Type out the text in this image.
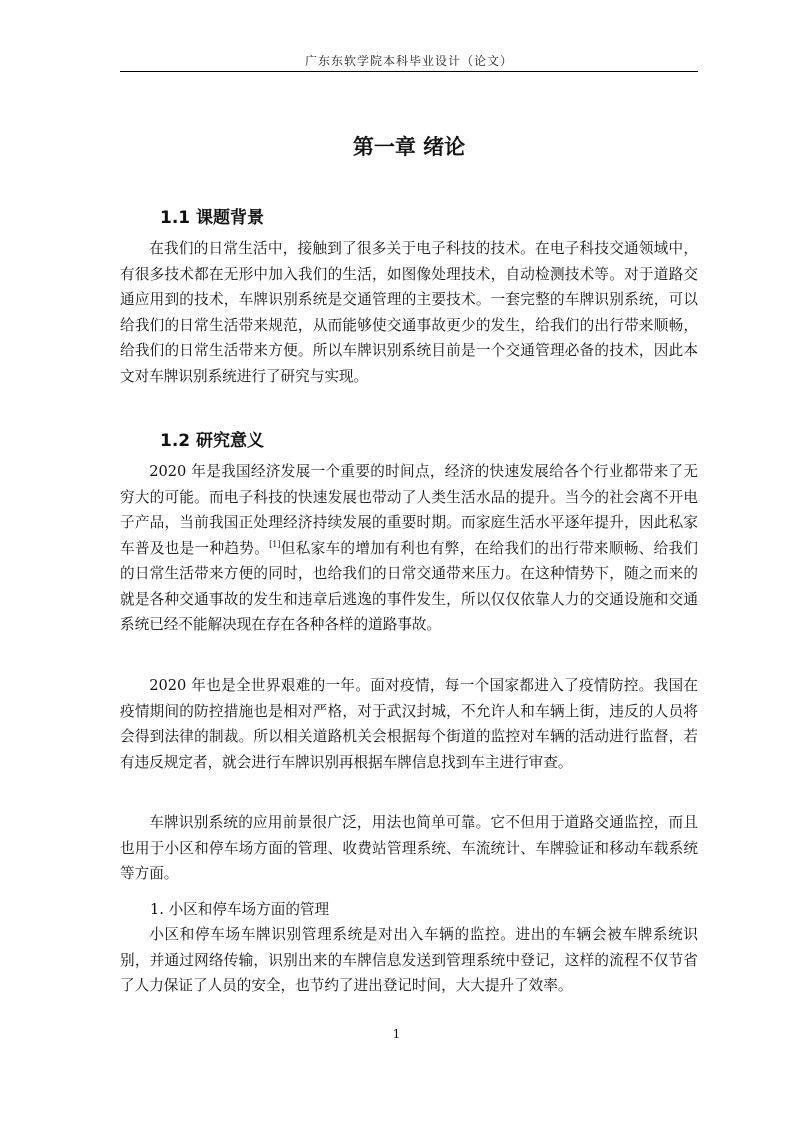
广东东软学院本科毕业设计（论文）
第一章 绪论
1.1 课题背景

在我们的日常生活中，接触到了很多关于电子科技的技术。在电子科技交通领域中，有很多技术都在无形中加入我们的生活，如图像处理技术，自动检测技术等。对于道路交通应用到的技术，车牌识别系统是交通管理的主要技术。一套完整的车牌识别系统，可以给我们的日常生活带来规范，从而能够使交通事故更少的发生，给我们的出行带来顺畅，给我们的日常生活带来方便。所以车牌识别系统目前是一个交通管理必备的技术，因此本文对车牌识别系统进行了研究与实现。

1.2 研究意义

2020 年是我国经济发展一个重要的时间点，经济的快速发展给各个行业都带来了无穷大的可能。而电子科技的快速发展也带动了人类生活水品的提升。当今的社会离不开电子产品，当前我国正处理经济持续发展的重要时期。而家庭生活水平逐年提升，因此私家车普及也是一种趋势。[1]但私家车的增加有利也有弊，在给我们的出行带来顺畅、给我们的日常生活带来方便的同时，也给我们的日常交通带来压力。在这种情势下，随之而来的就是各种交通事故的发生和违章后逃逸的事件发生，所以仅仅依靠人力的交通设施和交通系统已经不能解决现在存在各种各样的道路事故。

2020 年也是全世界艰难的一年。面对疫情，每一个国家都进入了疫情防控。我国在疫情期间的防控措施也是相对严格，对于武汉封城，不允许人和车辆上街，违反的人员将会得到法律的制裁。所以相关道路机关会根据每个街道的监控对车辆的活动进行监督，若有违反规定者，就会进行车牌识别再根据车牌信息找到车主进行审查。

车牌识别系统的应用前景很广泛，用法也简单可靠。它不但用于道路交通监控，而且也用于小区和停车场方面的管理、收费站管理系统、车流统计、车牌验证和移动车载系统等方面。

1. 小区和停车场方面的管理

小区和停车场车牌识别管理系统是对出入车辆的监控。进出的车辆会被车牌系统识别，并通过网络传输，识别出来的车牌信息发送到管理系统中登记，这样的流程不仅节省了人力保证了人员的安全，也节约了进出登记时间，大大提升了效率。

1
